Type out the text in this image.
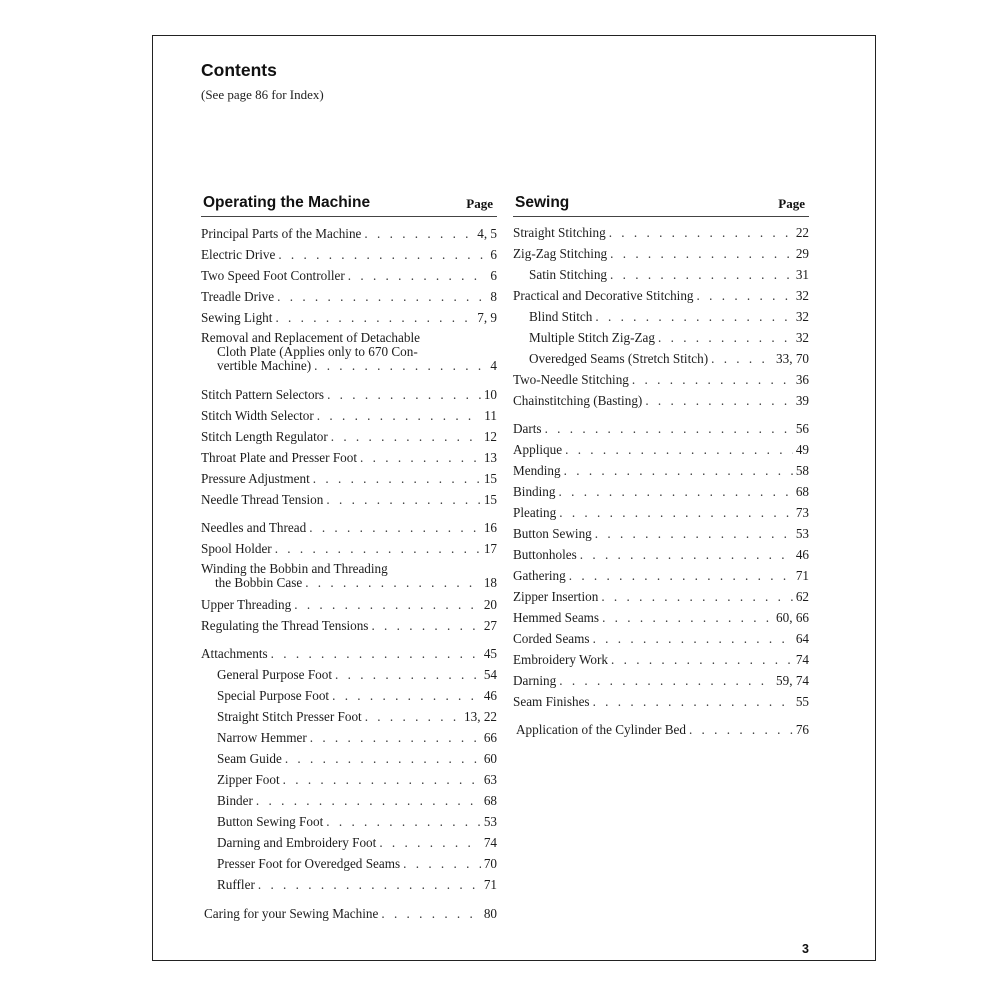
Contents
(See page 86 for Index)
Operating the Machine	Page
Principal Parts of the Machine . . .	4, 5
Electric Drive . . .	6
Two Speed Foot Controller . . .	6
Treadle Drive . . .	8
Sewing Light . . .	7, 9
Removal and Replacement of Detachable
Cloth Plate (Applies only to 670 Con-
vertible Machine) . . .	4
Stitch Pattern Selectors . . .	10
Stitch Width Selector . . .	11
Stitch Length Regulator . . .	12
Throat Plate and Presser Foot . . .	13
Pressure Adjustment . . .	15
Needle Thread Tension . . .	15
Needles and Thread . . .	16
Spool Holder . . .	17
Winding the Bobbin and Threading
the Bobbin Case . . .	18
Upper Threading . . .	20
Regulating the Thread Tensions . . .	27
Attachments . . .	45
General Purpose Foot . . .	54
Special Purpose Foot . . .	46
Straight Stitch Presser Foot . . .	13, 22
Narrow Hemmer . . .	66
Seam Guide . . .	60
Zipper Foot . . .	63
Binder . . .	68
Button Sewing Foot . . .	53
Darning and Embroidery Foot . . .	74
Presser Foot for Overedged Seams . . .	70
Ruffler . . .	71
Caring for your Sewing Machine . . .	80
Sewing	Page
Straight Stitching . . .	22
Zig-Zag Stitching . . .	29
Satin Stitching . . .	31
Practical and Decorative Stitching . . .	32
Blind Stitch . . .	32
Multiple Stitch Zig-Zag . . .	32
Overedged Seams (Stretch Stitch) . . .	33, 70
Two-Needle Stitching . . .	36
Chainstitching (Basting) . . .	39
Darts . . .	56
Applique . . .	49
Mending . . .	58
Binding . . .	68
Pleating . . .	73
Button Sewing . . .	53
Buttonholes . . .	46
Gathering . . .	71
Zipper Insertion . . .	62
Hemmed Seams . . .	60, 66
Corded Seams . . .	64
Embroidery Work . . .	74
Darning . . .	59, 74
Seam Finishes . . .	55
Application of the Cylinder Bed . . .	76
3
